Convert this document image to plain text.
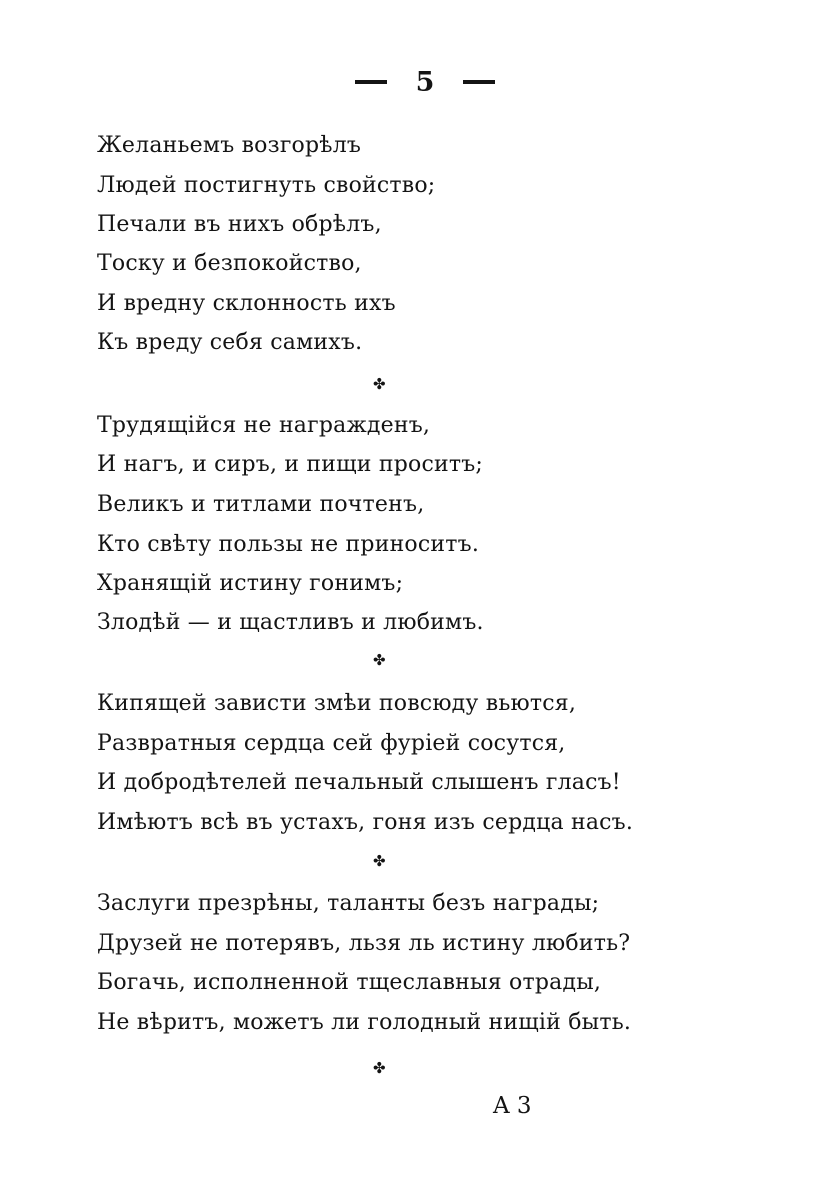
5
Желаньемъ возгорѣлъ
Людей постигнуть свойство;
Печали въ нихъ обрѣлъ,
Тоску и безпокойство,
И вредну склонность ихъ
Къ вреду себя самихъ.
✤
Трудящійся не награжденъ,
И нагъ, и сиръ, и пищи проситъ;
Великъ и титлами почтенъ,
Кто свѣту пользы не приноситъ.
Хранящій истину гонимъ;
Злодѣй — и щастливъ и любимъ.
✤
Кипящей зависти змѣи повсюду вьются,
Развратныя сердца сей фуріей сосутся,
И добродѣтелей печальный слышенъ гласъ!
Имѣютъ всѣ въ устахъ, гоня изъ сердца насъ.
✤
Заслуги презрѣны, таланты безъ награды;
Друзей не потерявъ, льзя ль истину любить?
Богачь, исполненной тщеславныя отрады,
Не вѣритъ, можетъ ли голодный нищій быть.
✤
A 3
